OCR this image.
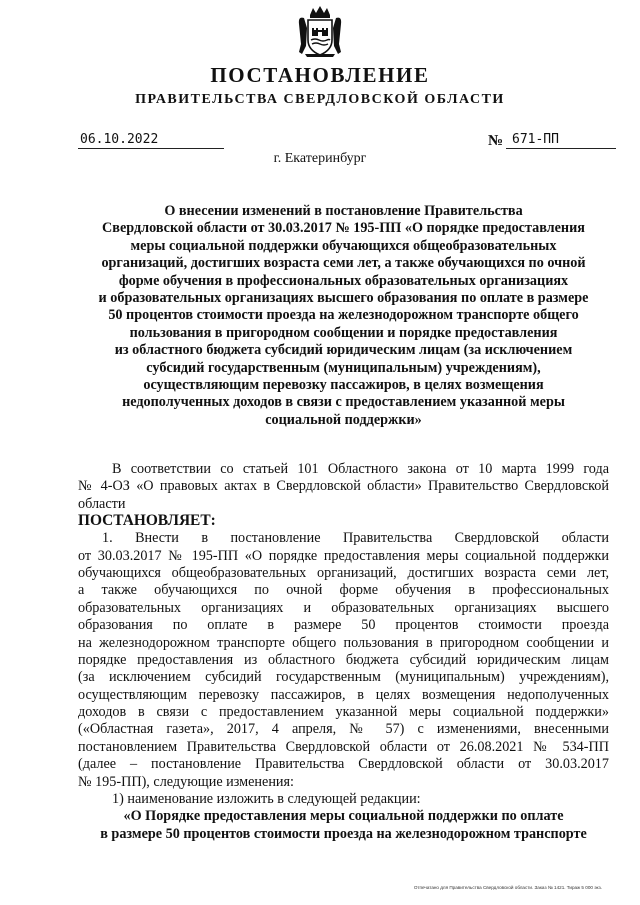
ПОСТАНОВЛЕНИЕ
ПРАВИТЕЛЬСТВА СВЕРДЛОВСКОЙ ОБЛАСТИ
06.10.2022	№ 671-ПП
г. Екатеринбург
О внесении изменений в постановление Правительства
Свердловской области от 30.03.2017 № 195-ПП «О порядке предоставления
меры социальной поддержки обучающихся общеобразовательных
организаций, достигших возраста семи лет, а также обучающихся по очной
форме обучения в профессиональных образовательных организациях
и образовательных организациях высшего образования по оплате в размере
50 процентов стоимости проезда на железнодорожном транспорте общего
пользования в пригородном сообщении и порядке предоставления
из областного бюджета субсидий юридическим лицам (за исключением
субсидий государственным (муниципальным) учреждениям),
осуществляющим перевозку пассажиров, в целях возмещения
недополученных доходов в связи с предоставлением указанной меры
социальной поддержки»
В соответствии со статьей 101 Областного закона от 10 марта 1999 года
№ 4-ОЗ «О правовых актах в Свердловской области» Правительство Свердловской
области
ПОСТАНОВЛЯЕТ:
1. Внести в постановление Правительства Свердловской области
от 30.03.2017 № 195-ПП «О порядке предоставления меры социальной поддержки
обучающихся общеобразовательных организаций, достигших возраста семи лет,
а также обучающихся по очной форме обучения в профессиональных
образовательных организациях и образовательных организациях высшего
образования по оплате в размере 50 процентов стоимости проезда
на железнодорожном транспорте общего пользования в пригородном сообщении и
порядке предоставления из областного бюджета субсидий юридическим лицам
(за исключением субсидий государственным (муниципальным) учреждениям),
осуществляющим перевозку пассажиров, в целях возмещения недополученных
доходов в связи с предоставлением указанной меры социальной поддержки»
(«Областная газета», 2017, 4 апреля, № 57) с изменениями, внесенными
постановлением Правительства Свердловской области от 26.08.2021 № 534-ПП
(далее – постановление Правительства Свердловской области от 30.03.2017
№ 195-ПП), следующие изменения:
1) наименование изложить в следующей редакции:
«О Порядке предоставления меры социальной поддержки по оплате
в размере 50 процентов стоимости проезда на железнодорожном транспорте
Отпечатано для Правительства Свердловской области. Заказ № 1421. Тираж 5 000 экз.
